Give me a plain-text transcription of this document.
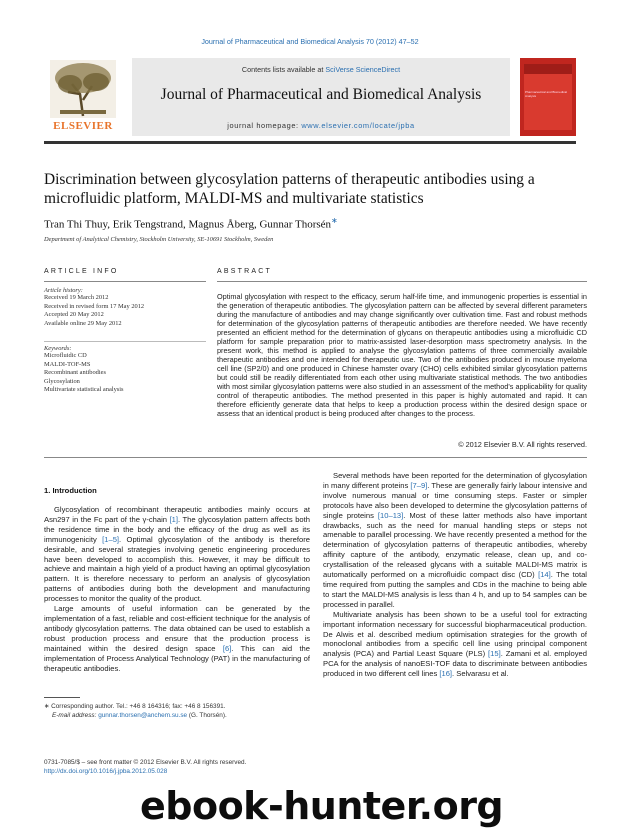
Journal of Pharmaceutical and Biomedical Analysis 70 (2012) 47–52
ELSEVIER
Contents lists available at SciVerse ScienceDirect
Journal of Pharmaceutical and Biomedical Analysis
journal homepage: www.elsevier.com/locate/jpba
Pharmaceutical and Biomedical Analysis
Discrimination between glycosylation patterns of therapeutic antibodies using a microfluidic platform, MALDI-MS and multivariate statistics
Tran Thi Thuy, Erik Tengstrand, Magnus Åberg, Gunnar Thorsén∗
Department of Analytical Chemistry, Stockholm University, SE-10691 Stockholm, Sweden
ARTICLE INFO
Article history:
Received 19 March 2012
Received in revised form 17 May 2012
Accepted 20 May 2012
Available online 29 May 2012
Keywords:
Microfluidic CD
MALDI-TOF-MS
Recombinant antibodies
Glycosylation
Multivariate statistical analysis
ABSTRACT
Optimal glycosylation with respect to the efficacy, serum half-life time, and immunogenic properties is essential in the generation of therapeutic antibodies. The glycosylation pattern can be affected by several different parameters during the manufacture of antibodies and may change significantly over cultivation time. Fast and robust methods for determination of the glycosylation patterns of therapeutic antibodies are therefore needed. We have recently presented an efficient method for the determination of glycans on therapeutic antibodies using a microfluidic CD platform for sample preparation prior to matrix-assisted laser-desorption mass spectrometry analysis. In the present work, this method is applied to analyse the glycosylation patterns of three commercially available therapeutic antibodies and one intended for therapeutic use. Two of the antibodies produced in mouse myeloma cell line (SP2/0) and one produced in Chinese hamster ovary (CHO) cells exhibited similar glycosylation patterns but could still be readily differentiated from each other using multivariate statistical methods. The two antibodies with most similar glycosylation patterns were also studied in an assessment of the method's applicability for quality control of therapeutic antibodies. The method presented in this paper is highly automated and rapid. It can therefore efficiently generate data that helps to keep a production process within the desired design space or assess that an identical product is being produced after changes to the process.
© 2012 Elsevier B.V. All rights reserved.
1. Introduction

Glycosylation of recombinant therapeutic antibodies mainly occurs at Asn297 in the Fc part of the γ-chain [1]. The glycosylation pattern affects both the residence time in the body and the efficacy of the drug as well as its immunogenicity [1–5]. Optimal glycosylation of the antibody is therefore desirable, and several strategies involving genetic engineering procedures have been developed to accomplish this. However, it may be difficult to achieve and maintain a high yield of a product having an optimal glycosylation pattern. It is therefore necessary to perform an analysis of glycosylation patterns of antibodies during both the development and manufacturing processes to monitor the quality of the product.

Large amounts of useful information can be generated by the implementation of a fast, reliable and cost-efficient technique for the analysis of antibody glycosylation patterns. The data obtained can be used to establish a robust production process and ensure that the production process is maintained within the desired design space [6]. This can aid the implementation of Process Analytical Technology (PAT) in the manufacturing of therapeutic antibodies.

Several methods have been reported for the determination of glycosylation in many different proteins [7–9]. These are generally fairly labour intensive and involve numerous manual or time consuming steps. Faster or simpler protocols have also been developed to determine the glycosylation patterns of single proteins [10–13]. Most of these latter methods also have important drawbacks, such as the need for manual handling steps or steps not amenable to parallel processing. We have recently presented a method for the determination of glycosylation patterns of therapeutic antibodies, whereby affinity capture of the antibody, enzymatic release, clean up, and co-crystallisation of the released glycans with a suitable MALDI-MS matrix is automatically performed on a microfluidic compact disc (CD) [14]. The total time required from putting the samples and CDs in the machine to being able to start the MALDI-MS analysis is less than 4 h, and up to 54 samples can be processed in parallel.

Multivariate analysis has been shown to be a useful tool for extracting important information necessary for successful biopharmaceutical production. De Alwis et al. described medium optimisation strategies for the growth of monoclonal antibodies from a specific cell line using principal component analysis (PCA) and Partial Least Square (PLS) [15]. Zamani et al. employed PCA for the analysis of nanoESI-TOF data to discriminate between antibodies produced in two different cell lines [16]. Selvarasu et al.

∗ Corresponding author. Tel.: +46 8 164316; fax: +46 8 156391.
E-mail address: gunnar.thorsen@anchem.su.se (G. Thorsén).
0731-7085/$ – see front matter © 2012 Elsevier B.V. All rights reserved.
http://dx.doi.org/10.1016/j.jpba.2012.05.028
ebook-hunter.org
